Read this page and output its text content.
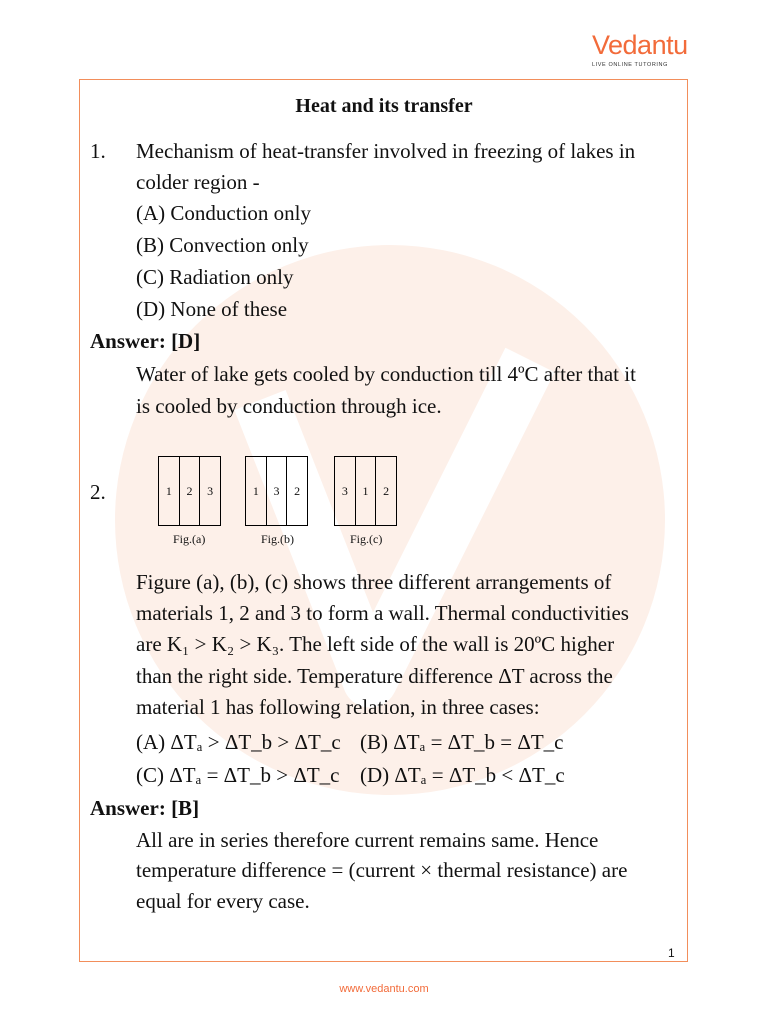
Vedantu
LIVE ONLINE TUTORING
Heat and its transfer
1. Mechanism of heat-transfer involved in freezing of lakes in
colder region -
(A) Conduction only
(B) Convection only
(C) Radiation only
(D) None of these
Answer: [D]
Water of lake gets cooled by conduction till 4ºC after that it
is cooled by conduction through ice.
2.	1	2	3
Fig.(a)
1	3	2
Fig.(b)
3	1	2
Fig.(c)
Figure (a), (b), (c) shows three different arrangements of
materials 1, 2 and 3 to form a wall. Thermal conductivities
are K₁ > K₂ > K₃. The left side of the wall is 20ºC higher
than the right side. Temperature difference ΔT across the
material 1 has following relation, in three cases:
(A) ΔTₐ > ΔT_b > ΔT_c (B) ΔTₐ = ΔT_b = ΔT_c
(C) ΔTₐ = ΔT_b > ΔT_c (D) ΔTₐ = ΔT_b < ΔT_c
Answer: [B]
All are in series therefore current remains same. Hence
temperature difference = (current × thermal resistance) are
equal for every case.
1
www.vedantu.com
